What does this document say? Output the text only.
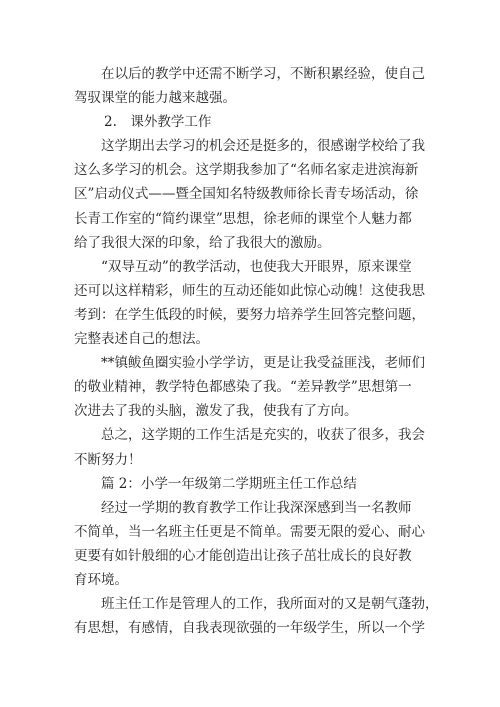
在以后的教学中还需不断学习，不断积累经验，使自己
驾驭课堂的能力越来越强。
2.　课外教学工作
这学期出去学习的机会还是挺多的，很感谢学校给了我
这么多学习的机会。这学期我参加了“名师名家走进滨海新
区”启动仪式——暨全国知名特级教师徐长青专场活动，徐
长青工作室的“简约课堂”思想，徐老师的课堂个人魅力都
给了我很大深的印象，给了我很大的激励。
“双导互动”的教学活动，也使我大开眼界，原来课堂
还可以这样精彩，师生的互动还能如此惊心动魄！这使我思
考到：在学生低段的时候，要努力培养学生回答完整问题，
完整表述自己的想法。
**镇鲅鱼圈实验小学学访，更是让我受益匪浅，老师们
的敬业精神，教学特色都感染了我。“差异教学”思想第一
次进去了我的头脑，激发了我，使我有了方向。
总之，这学期的工作生活是充实的，收获了很多，我会
不断努力！
篇 2：小学一年级第二学期班主任工作总结
经过一学期的教育教学工作让我深深感到当一名教师
不简单，当一名班主任更是不简单。需要无限的爱心、耐心
更要有如针般细的心才能创造出让孩子茁壮成长的良好教
育环境。
班主任工作是管理人的工作，我所面对的又是朝气蓬勃，
有思想，有感情，自我表现欲强的一年级学生，所以一个学
